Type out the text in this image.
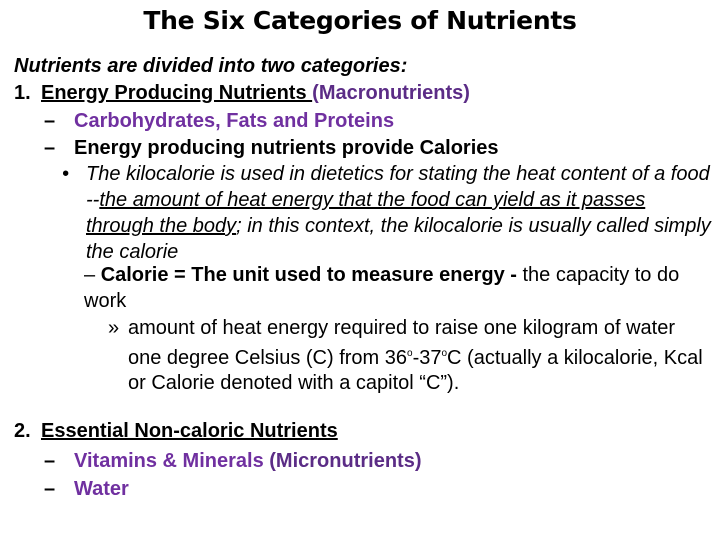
The Six Categories of Nutrients
Nutrients are divided into two categories:
1. Energy Producing Nutrients (Macronutrients)
– Carbohydrates, Fats and Proteins
– Energy producing nutrients provide Calories
• The kilocalorie is used in dietetics for stating the heat content of a food --the amount of heat energy that the food can yield as it passes through the body; in this context, the kilocalorie is usually called simply the calorie
– Calorie = The unit used to measure energy - the capacity to do work
» amount of heat energy required to raise one kilogram of water one degree Celsius (C) from 36$^o$-37$^o$C (actually a kilocalorie, Kcal or Calorie denoted with a capitol “C”).
2. Essential Non-caloric Nutrients
– Vitamins & Minerals (Micronutrients)
– Water
